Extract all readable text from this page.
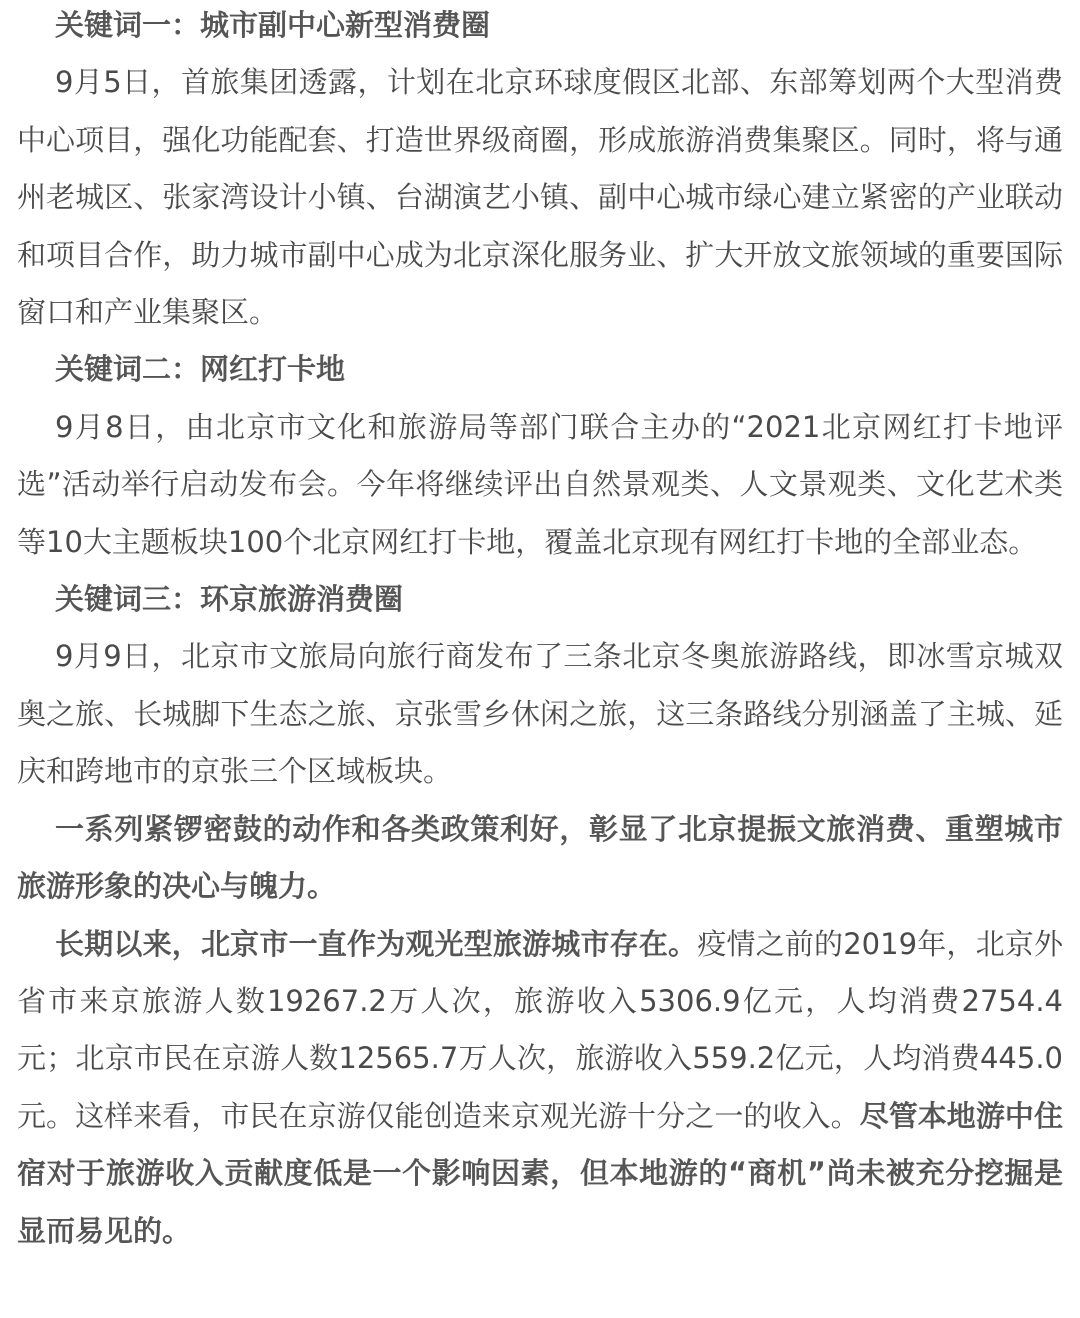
关键词一：城市副中心新型消费圈

9月5日，首旅集团透露，计划在北京环球度假区北部、东部筹划两个大型消费中心项目，强化功能配套、打造世界级商圈，形成旅游消费集聚区。同时，将与通州老城区、张家湾设计小镇、台湖演艺小镇、副中心城市绿心建立紧密的产业联动和项目合作，助力城市副中心成为北京深化服务业、扩大开放文旅领域的重要国际窗口和产业集聚区。

关键词二：网红打卡地

9月8日，由北京市文化和旅游局等部门联合主办的“2021北京网红打卡地评选”活动举行启动发布会。今年将继续评出自然景观类、人文景观类、文化艺术类等10大主题板块100个北京网红打卡地，覆盖北京现有网红打卡地的全部业态。

关键词三：环京旅游消费圈

9月9日，北京市文旅局向旅行商发布了三条北京冬奥旅游路线，即冰雪京城双奥之旅、长城脚下生态之旅、京张雪乡休闲之旅，这三条路线分别涵盖了主城、延庆和跨地市的京张三个区域板块。

一系列紧锣密鼓的动作和各类政策利好，彰显了北京提振文旅消费、重塑城市旅游形象的决心与魄力。

长期以来，北京市一直作为观光型旅游城市存在。疫情之前的2019年，北京外省市来京旅游人数19267.2万人次，旅游收入5306.9亿元，人均消费2754.4元；北京市民在京游人数12565.7万人次，旅游收入559.2亿元，人均消费445.0元。这样来看，市民在京游仅能创造来京观光游十分之一的收入。尽管本地游中住宿对于旅游收入贡献度低是一个影响因素，但本地游的“商机”尚未被充分挖掘是显而易见的。
